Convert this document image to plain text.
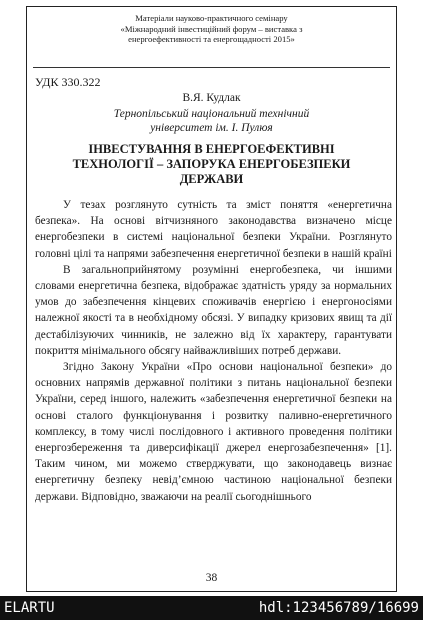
Матеріали науково-практичного семінару
«Міжнародний інвестиційний форум – виставка з
енергоефективності та енергощадності 2015»
УДК 330.322
В.Я. Кудлак
Тернопільський національний технічний
університет ім. І. Пулюя
ІНВЕСТУВАННЯ В ЕНЕРГОЕФЕКТИВНІ
ТЕХНОЛОГІЇ – ЗАПОРУКА ЕНЕРГОБЕЗПЕКИ
ДЕРЖАВИ

У тезах розглянуто сутність та зміст поняття «енергетична безпека». На основі вітчизняного законодавства визначено місце енергобезпеки в системі національної безпеки України. Розглянуто головні цілі та напрями забезпечення енергетичної безпеки в нашій країні

В загальноприйнятому розумінні енергобезпека, чи іншими словами енергетична безпека, відображає здатність уряду за нормальних умов до забезпечення кінцевих споживачів енергією і енергоносіями належної якості та в необхідному обсязі. У випадку кризових явищ та дії дестабілізуючих чинників, не залежно від їх характеру, гарантувати покриття мінімального обсягу найважливіших потреб держави.

Згідно Закону України «Про основи національної безпеки» до основних напрямів державної політики з питань національної безпеки України, серед іншого, належить «забезпечення енергетичної безпеки на основі сталого функціонування і розвитку паливно-енергетичного комплексу, в тому числі послідовного і активного проведення політики енергозбереження та диверсифікації джерел енергозабезпечення» [1]. Таким чином, ми можемо стверджувати, що законодавець визнає енергетичну безпеку невід’ємною частиною національної безпеки держави. Відповідно, зважаючи на реалії сьогоднішнього

38
ELARTU	hdl:123456789/16699
